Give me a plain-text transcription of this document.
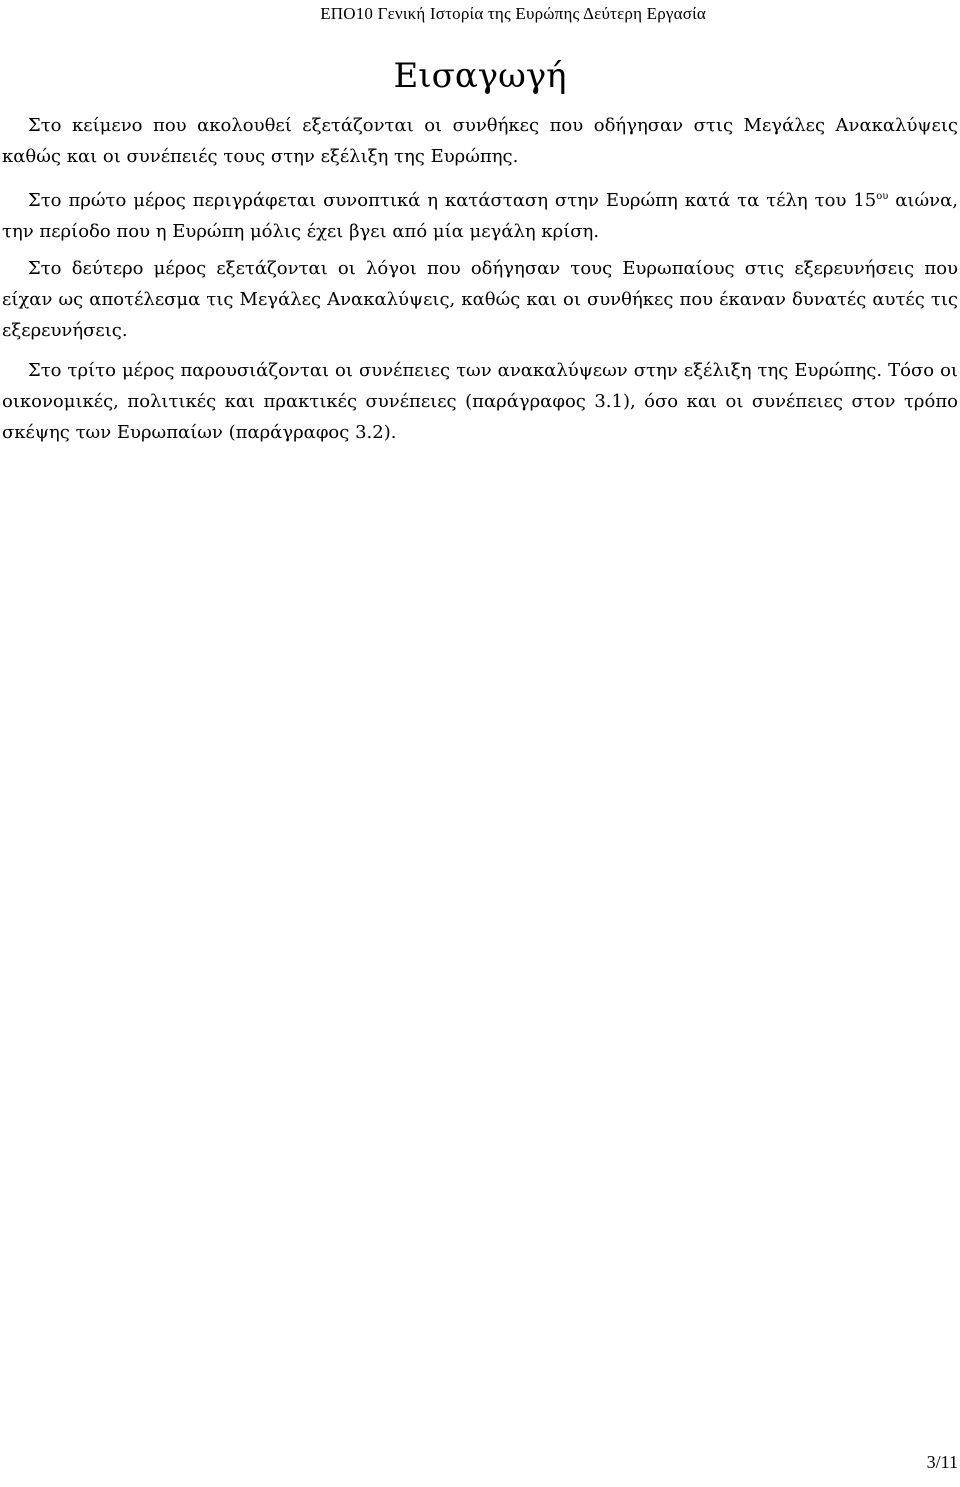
ΕΠΟ10 Γενική Ιστορία της Ευρώπης Δεύτερη Εργασία
Εισαγωγή

Στο κείμενο που ακολουθεί εξετάζονται οι συνθήκες που οδήγησαν στις Μεγάλες Ανακαλύψεις καθώς και οι συνέπειές τους στην εξέλιξη της Ευρώπης.

Στο πρώτο μέρος περιγράφεται συνοπτικά η κατάσταση στην Ευρώπη κατά τα τέλη του $15^{o\upsilon}$ αιώνα, την περίοδο που η Ευρώπη μόλις έχει βγει από μία μεγάλη κρίση.

Στο δεύτερο μέρος εξετάζονται οι λόγοι που οδήγησαν τους Ευρωπαίους στις εξερευνήσεις που είχαν ως αποτέλεσμα τις Μεγάλες Ανακαλύψεις, καθώς και οι συνθήκες που έκαναν δυνατές αυτές τις εξερευνήσεις.

Στο τρίτο μέρος παρουσιάζονται οι συνέπειες των ανακαλύψεων στην εξέλιξη της Ευρώπης. Τόσο οι οικονομικές, πολιτικές και πρακτικές συνέπειες (παράγραφος 3.1), όσο και οι συνέπειες στον τρόπο σκέψης των Ευρωπαίων (παράγραφος 3.2).

3/11
